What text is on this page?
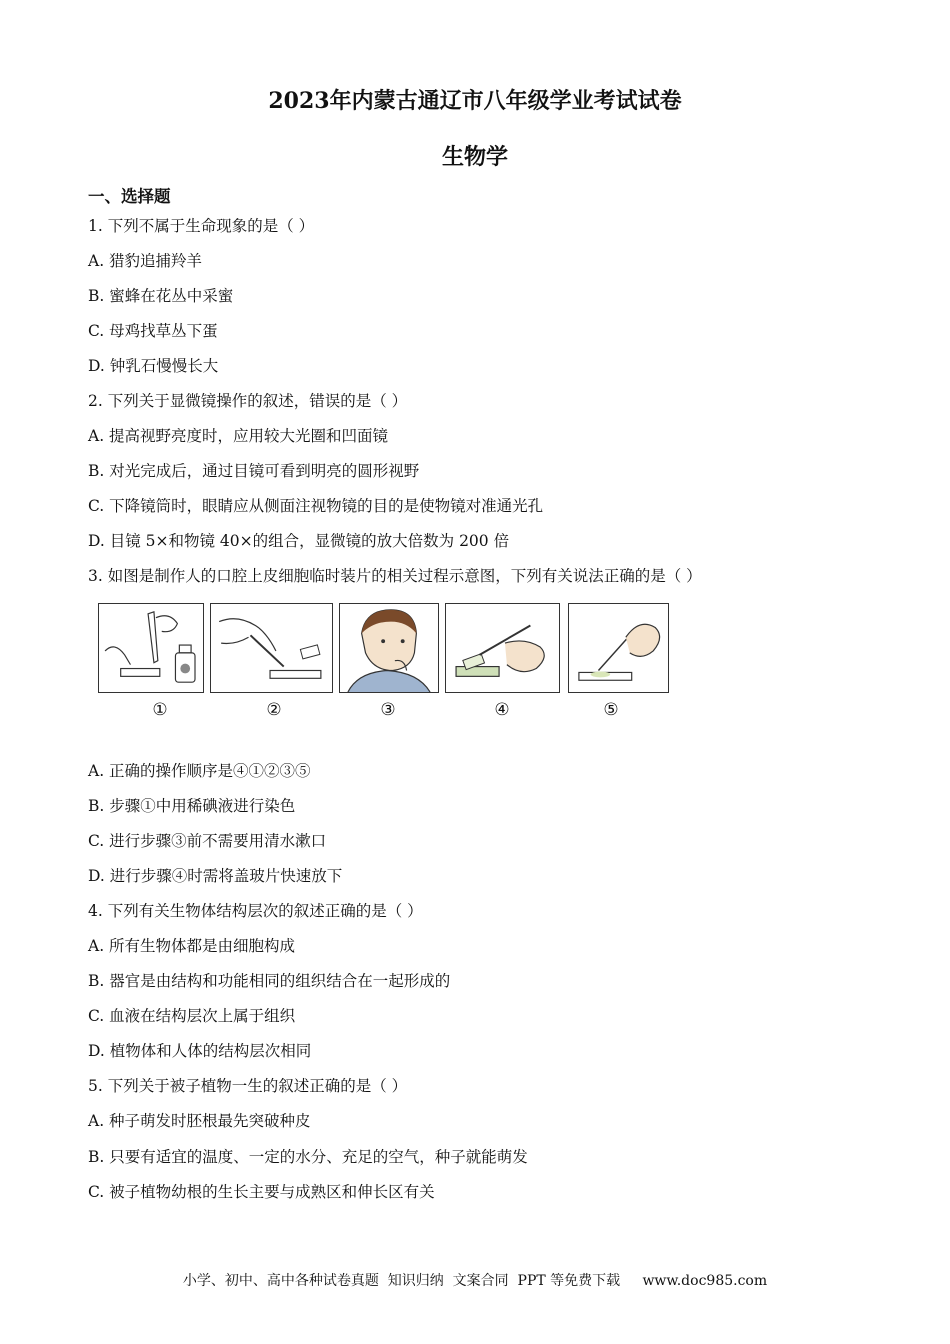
2023年内蒙古通辽市八年级学业考试试卷
生物学
一、选择题
1. 下列不属于生命现象的是（ ）
A. 猎豹追捕羚羊
B. 蜜蜂在花丛中采蜜
C. 母鸡找草丛下蛋
D. 钟乳石慢慢长大
2. 下列关于显微镜操作的叙述，错误的是（ ）
A. 提高视野亮度时，应用较大光圈和凹面镜
B. 对光完成后，通过目镜可看到明亮的圆形视野
C. 下降镜筒时，眼睛应从侧面注视物镜的目的是使物镜对准通光孔
D. 目镜 5×和物镜 40×的组合，显微镜的放大倍数为 200 倍
3. 如图是制作人的口腔上皮细胞临时装片的相关过程示意图，下列有关说法正确的是（ ）
①	②	③	④	⑤
A. 正确的操作顺序是④①②③⑤
B. 步骤①中用稀碘液进行染色
C. 进行步骤③前不需要用清水漱口
D. 进行步骤④时需将盖玻片快速放下
4. 下列有关生物体结构层次的叙述正确的是（ ）
A. 所有生物体都是由细胞构成
B. 器官是由结构和功能相同的组织结合在一起形成的
C. 血液在结构层次上属于组织
D. 植物体和人体的结构层次相同
5. 下列关于被子植物一生的叙述正确的是（ ）
A. 种子萌发时胚根最先突破种皮
B. 只要有适宜的温度、一定的水分、充足的空气，种子就能萌发
C. 被子植物幼根的生长主要与成熟区和伸长区有关
小学、初中、高中各种试卷真题  知识归纳  文案合同  PPT 等免费下载     www.doc985.com
